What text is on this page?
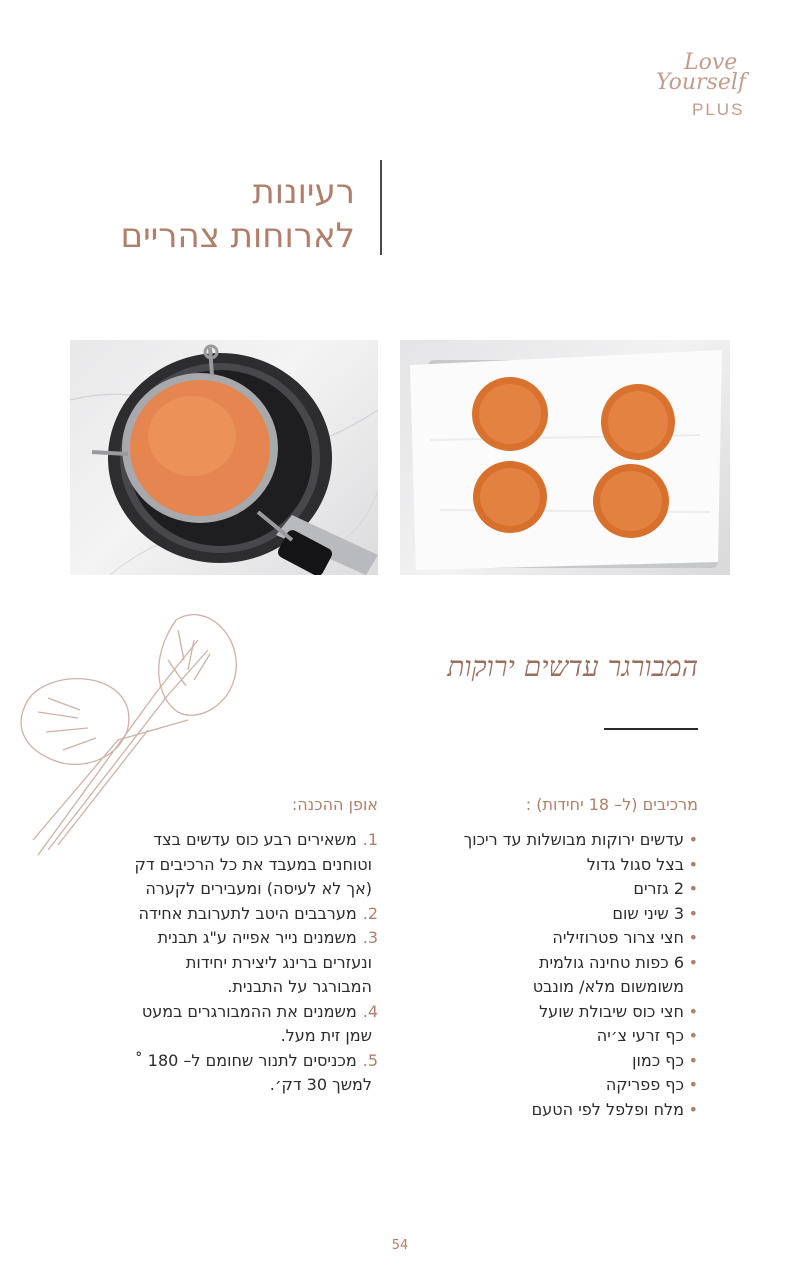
Love
Yourself
PLUS
רעיונות
לארוחות צהריים
המבורגר עדשים ירוקות
מרכיבים (ל– 18 יחידות) :
• עדשים ירוקות מבושלות עד ריכוך
• בצל סגול גדול
• 2 גזרים
• 3 שיני שום
• חצי צרור פטרוזיליה
• 6 כפות טחינה גולמית
משומשום מלא/ מונבט
• חצי כוס שיבולת שועל
• כף זרעי צ׳יה
• כף כמון
• כף פפריקה
• מלח ופלפל לפי הטעם
אופן ההכנה:
1.משאירים רבע כוס עדשים בצד
וטוחנים במעבד את כל הרכיבים דק
(אך לא לעיסה) ומעבירים לקערה
2.מערבבים היטב לתערובת אחידה
3.משמנים נייר אפייה ע"ג תבנית
ונעזרים ברינג ליצירת יחידות
המבורגר על התבנית.
4.משמנים את ההמבורגרים במעט
שמן זית מעל.
5.מכניסים לתנור שחומם ל– 180 ˚
למשך 30 דק׳.
54
